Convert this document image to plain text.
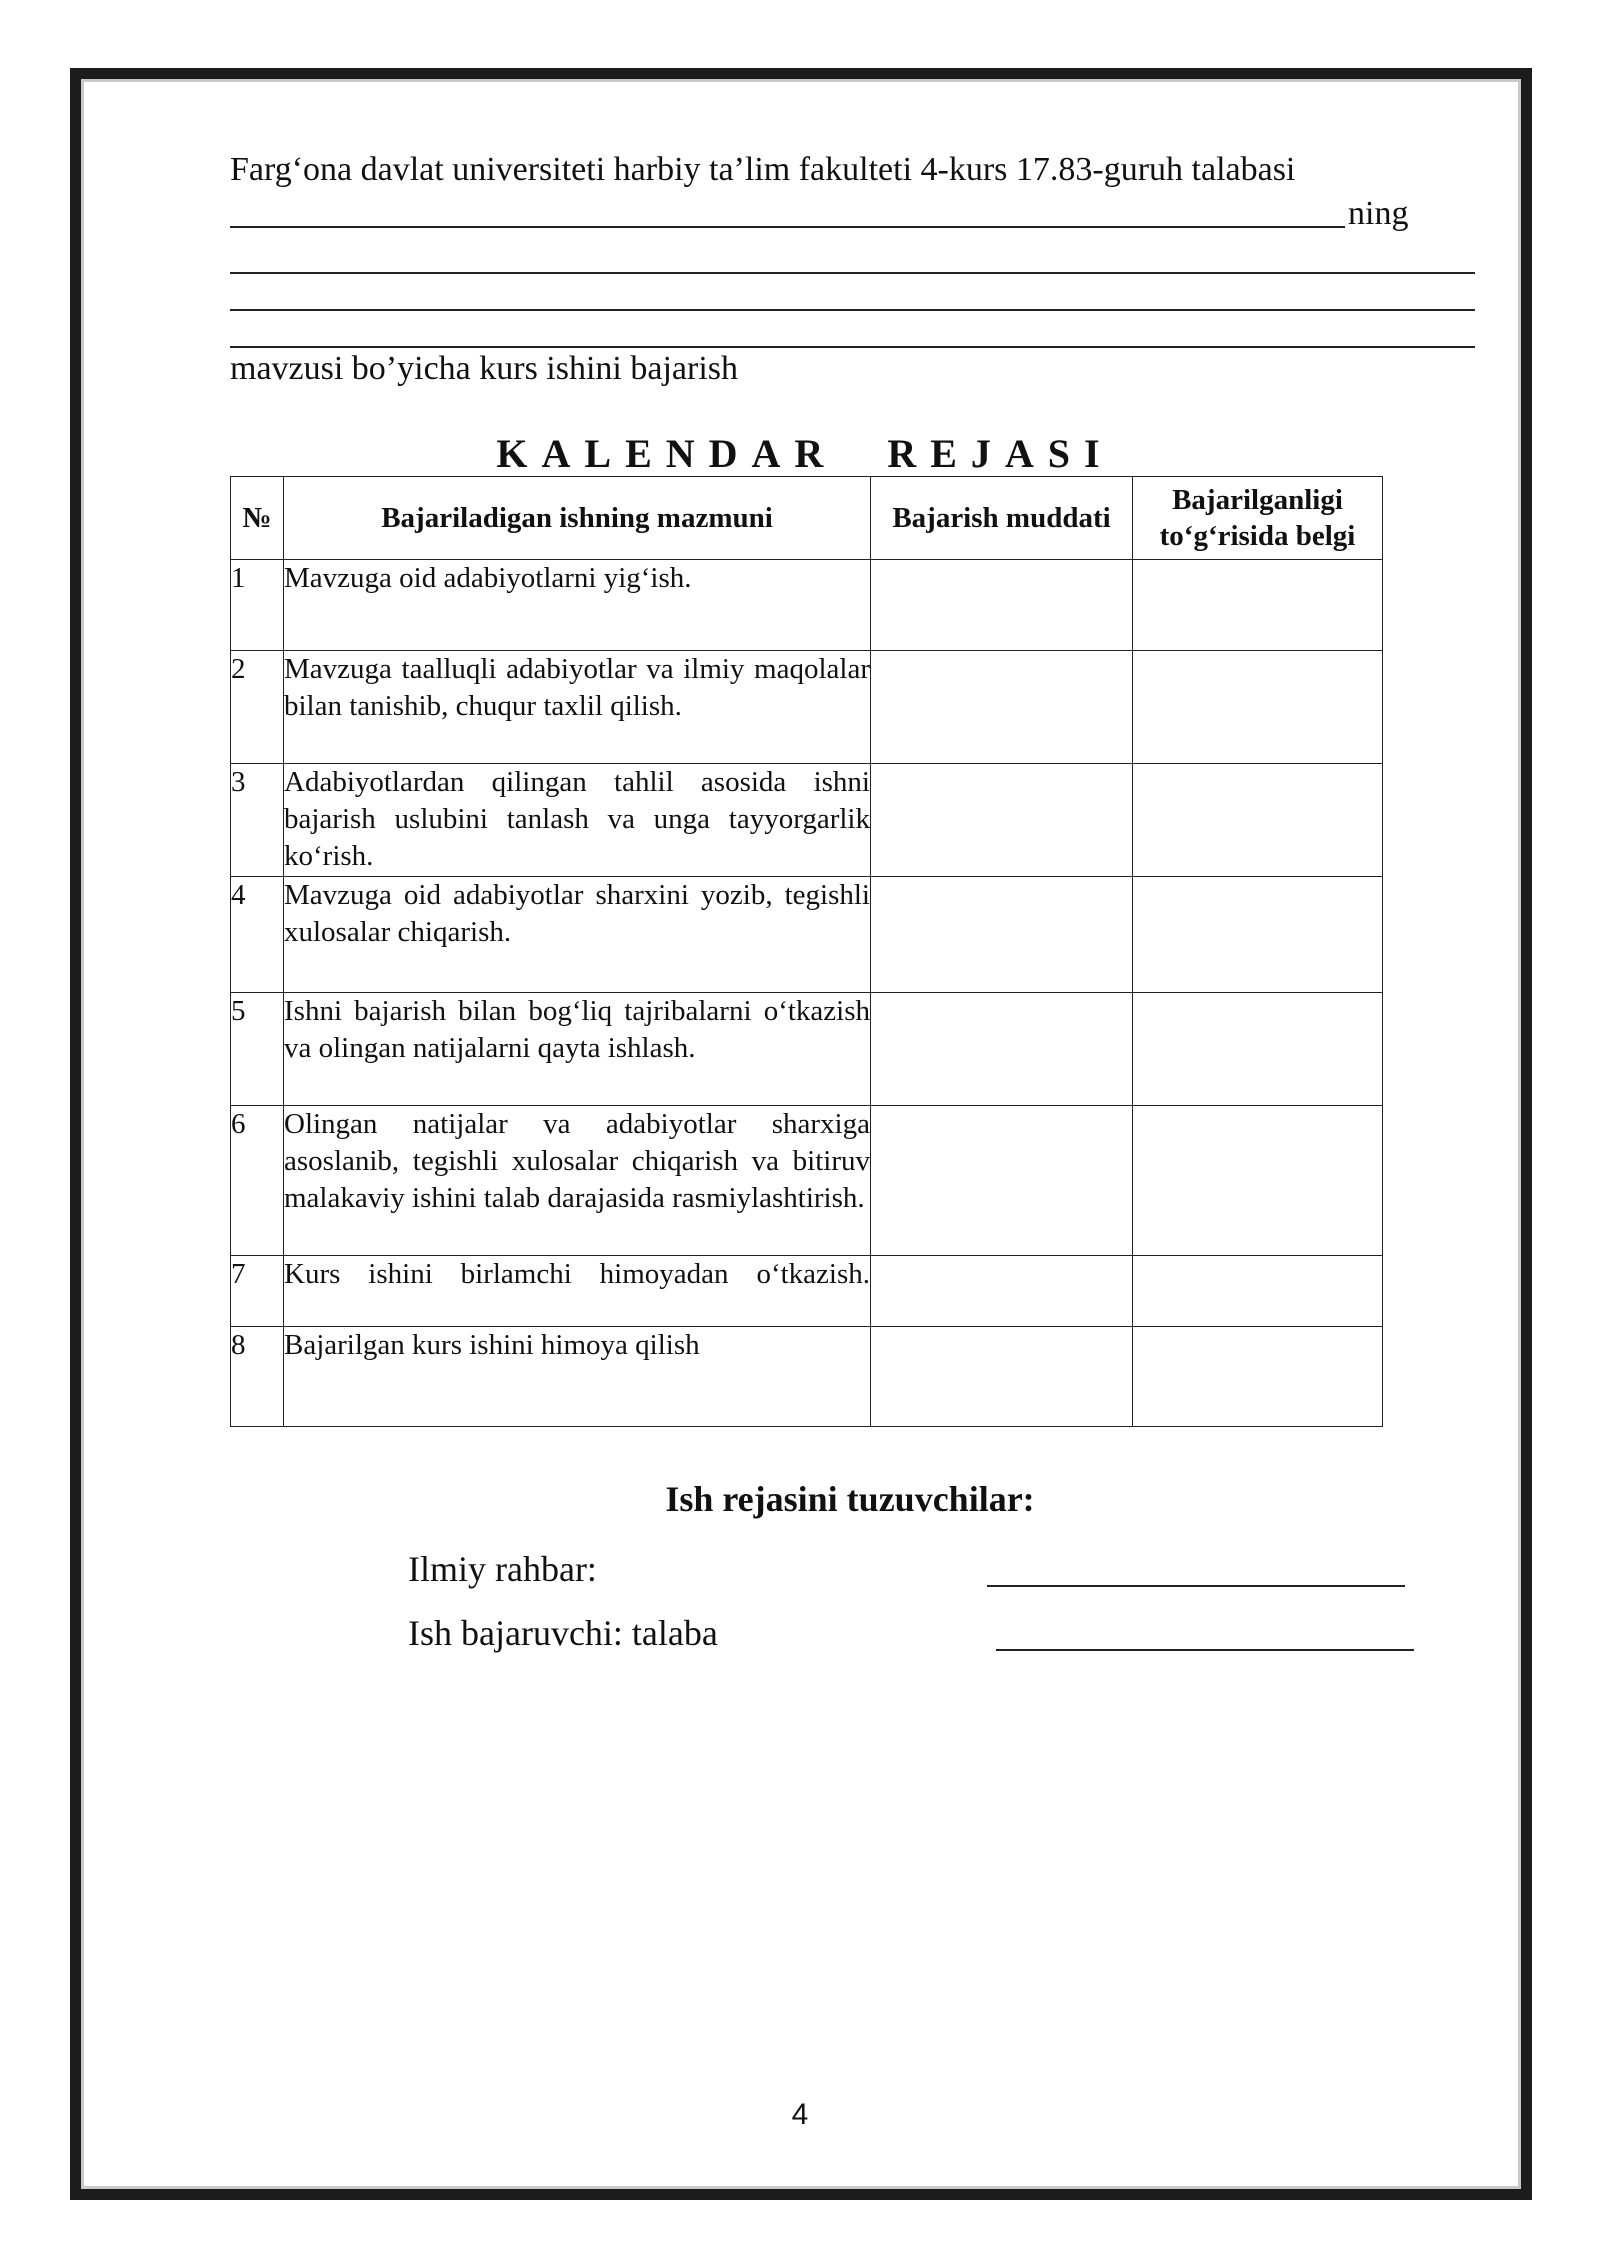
Farg‘ona davlat universiteti harbiy ta’lim fakulteti 4-kurs 17.83-guruh talabasi
ning
mavzusi bo’yicha kurs ishini bajarish
KALENDAR REJASI
№	Bajariladigan ishning mazmuni	Bajarish muddati	Bajarilganligi to‘g‘risida belgi
1	Mavzuga oid adabiyotlarni yig‘ish.		
2	Mavzuga taalluqli adabiyotlar va ilmiy maqolalar bilan tanishib, chuqur taxlil qilish.		
3	Adabiyotlardan qilingan tahlil asosida ishni bajarish uslubini tanlash va unga tayyorgarlik ko‘rish.		
4	Mavzuga oid adabiyotlar sharxini yozib, tegishli xulosalar chiqarish.		
5	Ishni bajarish bilan bog‘liq tajribalarni o‘tkazish va olingan natijalarni qayta ishlash.		
6	Olingan natijalar va adabiyotlar sharxiga asoslanib, tegishli xulosalar chiqarish va bitiruv malakaviy ishini talab darajasida rasmiylashtirish.		
7	Kurs ishini birlamchi himoyadan o‘tkazish.		
8	Bajarilgan kurs ishini himoya qilish		
Ish rejasini tuzuvchilar:
Ilmiy rahbar:
Ish bajaruvchi: talaba
4
